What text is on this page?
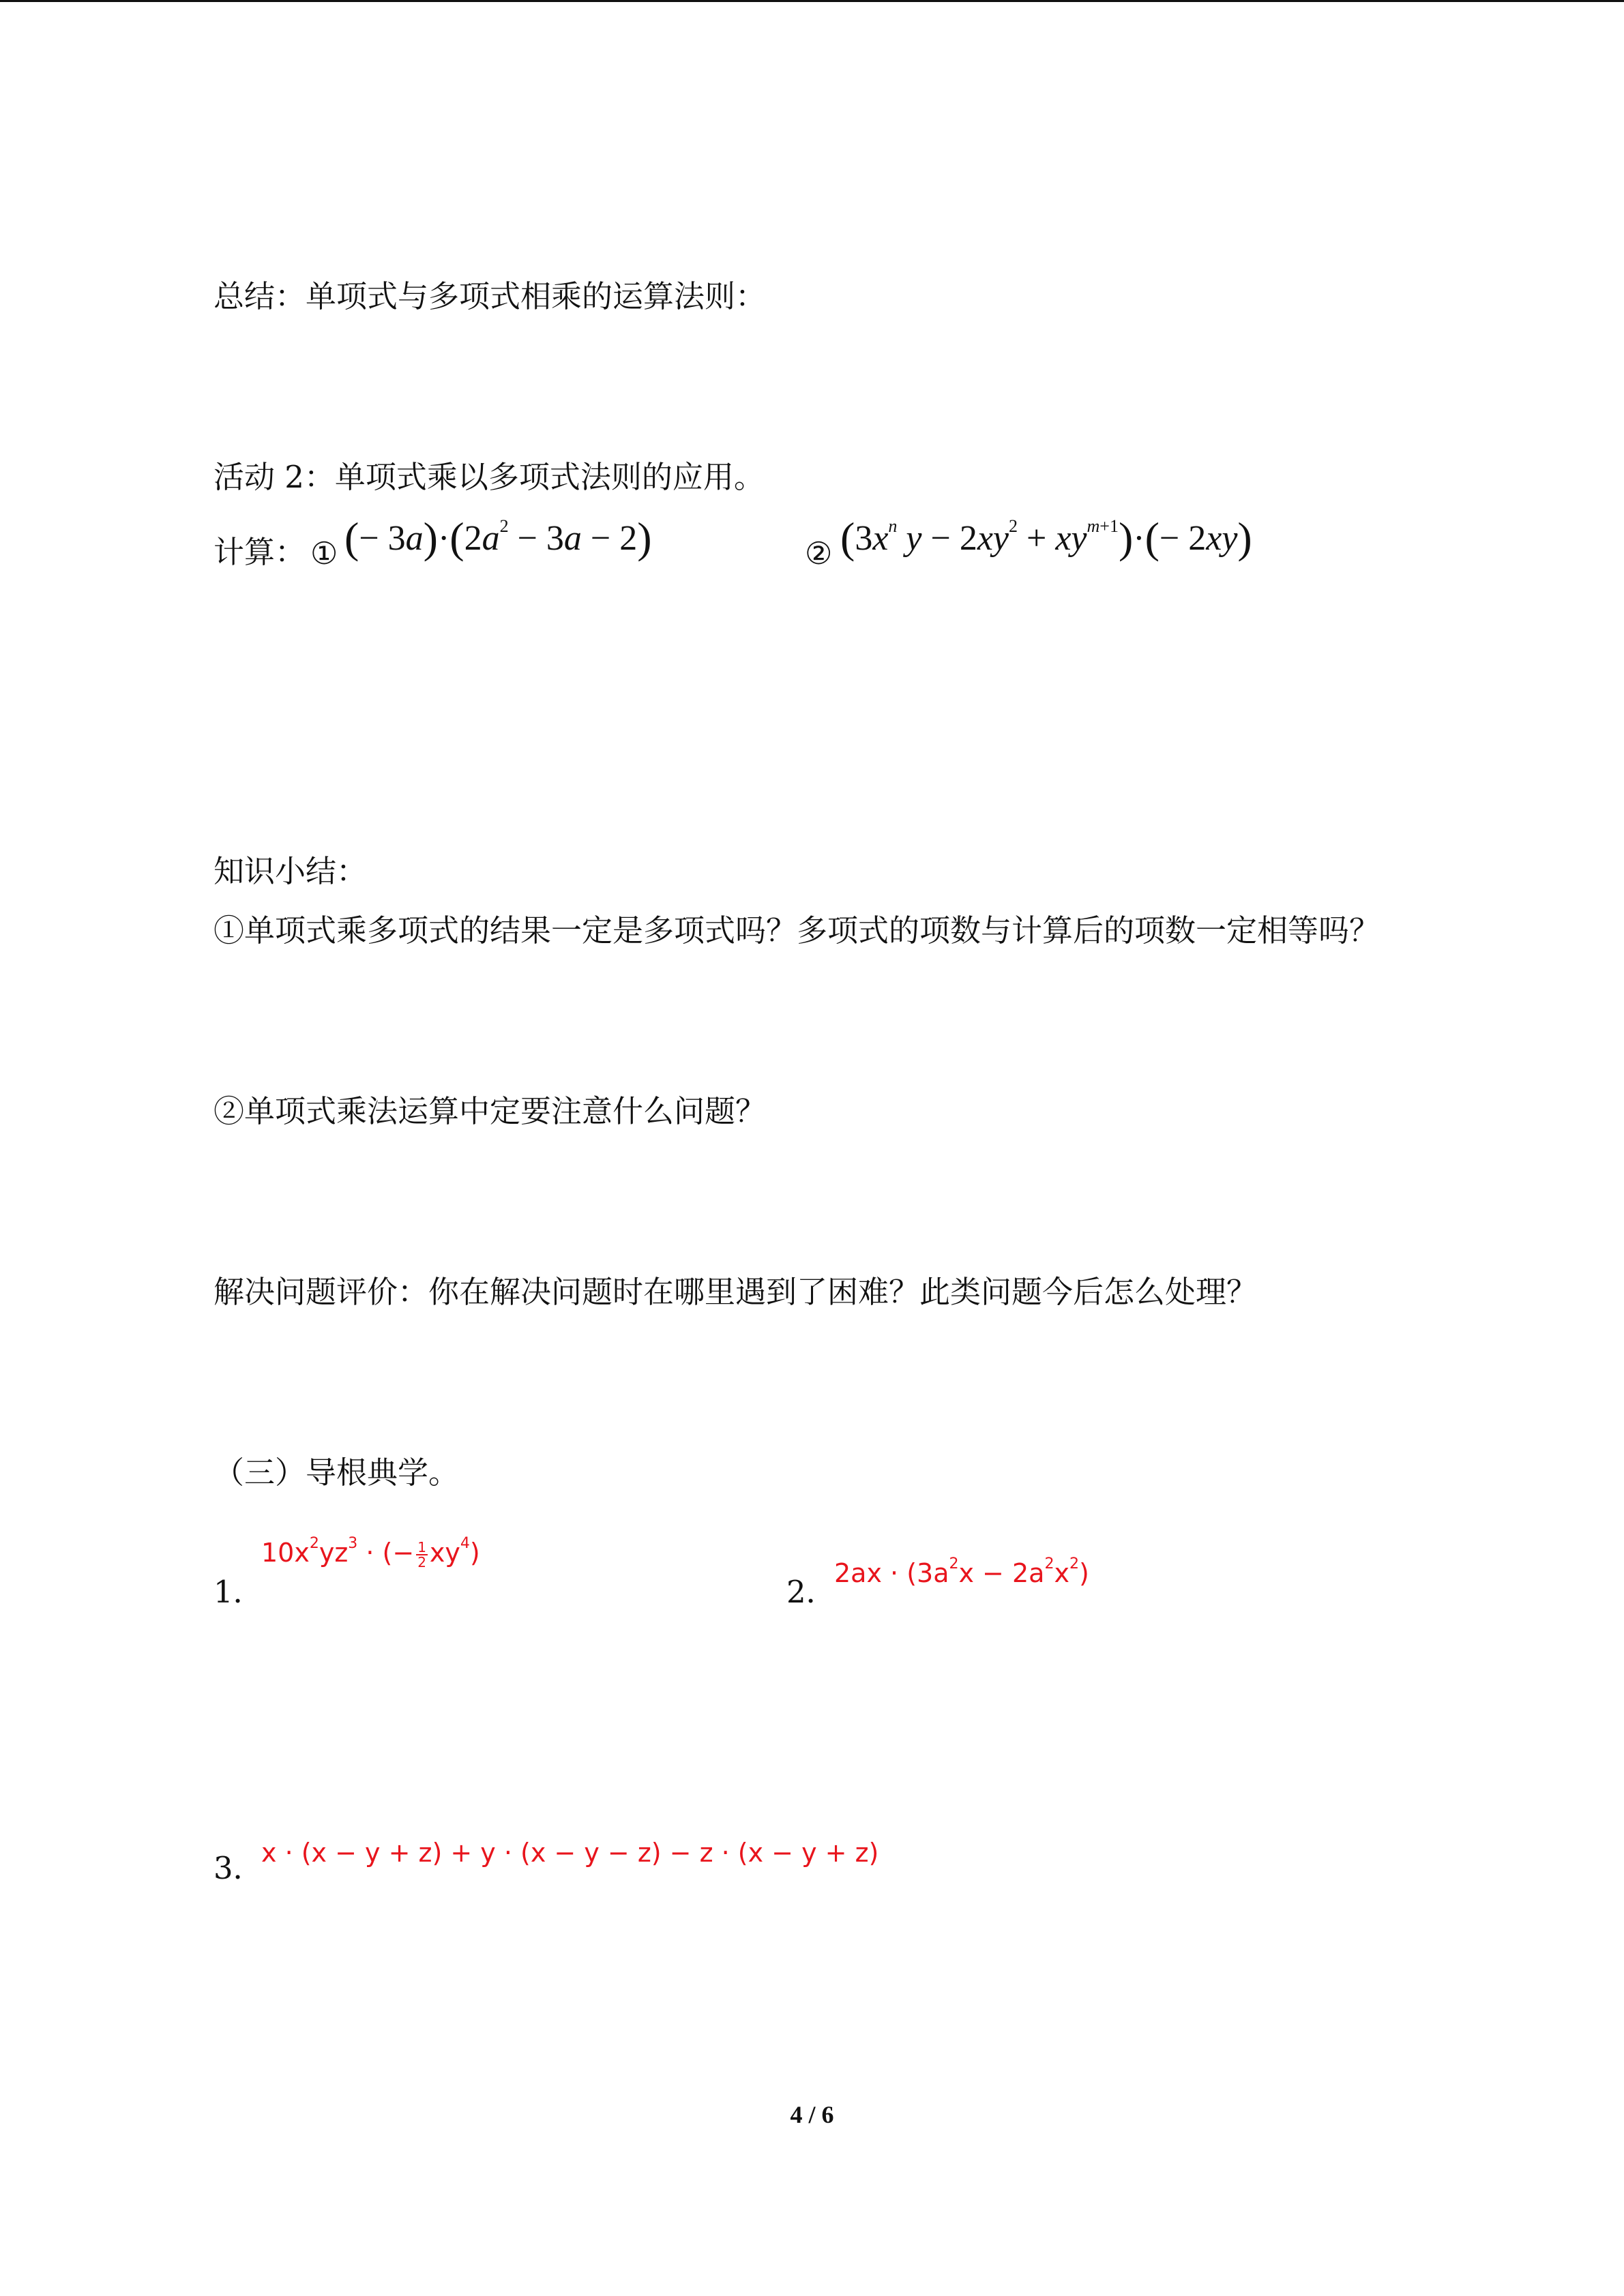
总结：单项式与多项式相乘的运算法则：
活动 2：单项式乘以多项式法则的应用。
计算： ① (− $3a)\cdot(2a^2 - 3a - 2)$	② ($3x^n$ $y - 2xy^2 + xy^{m+1})\cdot(- 2xy)$
知识小结：
①单项式乘多项式的结果一定是多项式吗？多项式的项数与计算后的项数一定相等吗？
②单项式乘法运算中定要注意什么问题？
解决问题评价：你在解决问题时在哪里遇到了困难？此类问题今后怎么处理？
（三）导根典学。
1．
$10x^2yz^3$ · (− $\frac{1}{2} xy^4$)
2．
$2ax \cdot (3a^2x - 2a^2x^2)$
3．
x · (x − y + z) + y · (x − y − z) − z · (x − y + z)
4 / 6
